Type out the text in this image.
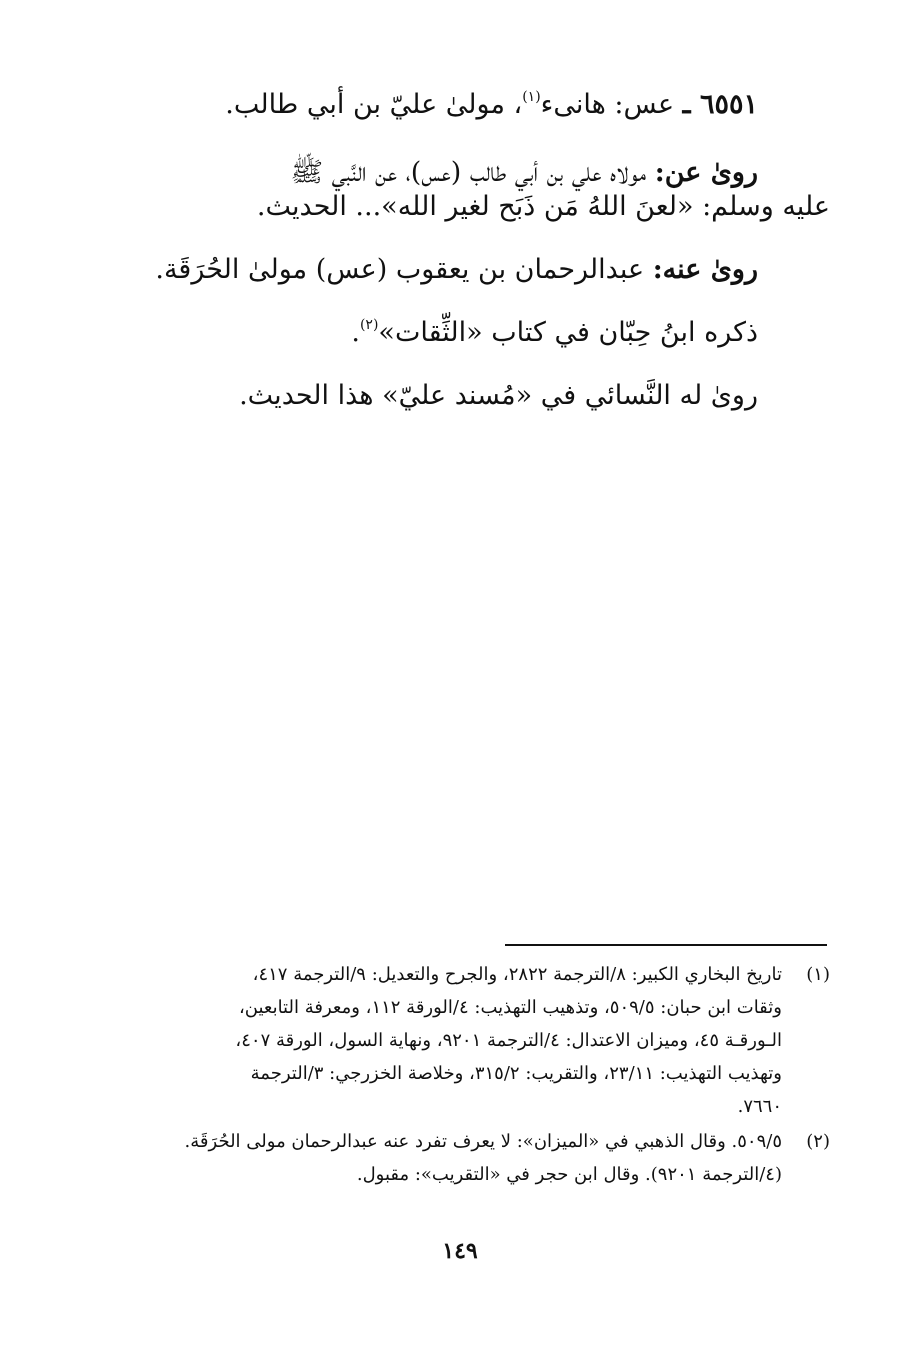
٦٥٥١ ـ عس: هانىء$^{(١)}$، مولىٰ عليّ بن أبي طالب.

روىٰ عن: مولاه علي بن أبي طالب (عس)، عن النَّبي ﷺ

عليه وسلم: «لعنَ اللهُ مَن ذَبَح لغير الله»... الحديث.

روىٰ عنه: عبدالرحمان بن يعقوب (عس) مولىٰ الحُرَقَة.

ذكره ابنُ حِبّان في كتاب «الثِّقات»$^{(٢)}$.

روىٰ له النَّسائي في «مُسند عليّ» هذا الحديث.

(١)
تاريخ البخاري الكبير: ٨/الترجمة ٢٨٢٢، والجرح والتعديل: ٩/الترجمة ٤١٧،
وثقات ابن حبان: ٥٠٩/٥، وتذهيب التهذيب: ٤/الورقة ١١٢، ومعرفة التابعين،
الـورقـة ٤٥، وميزان الاعتدال: ٤/الترجمة ٩٢٠١، ونهاية السول، الورقة ٤٠٧،
وتهذيب التهذيب: ٢٣/١١، والتقريب: ٣١٥/٢، وخلاصة الخزرجي: ٣/الترجمة
٧٦٦٠.
(٢)
٥٠٩/٥. وقال الذهبي في «الميزان»: لا يعرف تفرد عنه عبدالرحمان مولى الحُرَقَة.
(٤/الترجمة ٩٢٠١). وقال ابن حجر في «التقريب»: مقبول.
١٤٩
